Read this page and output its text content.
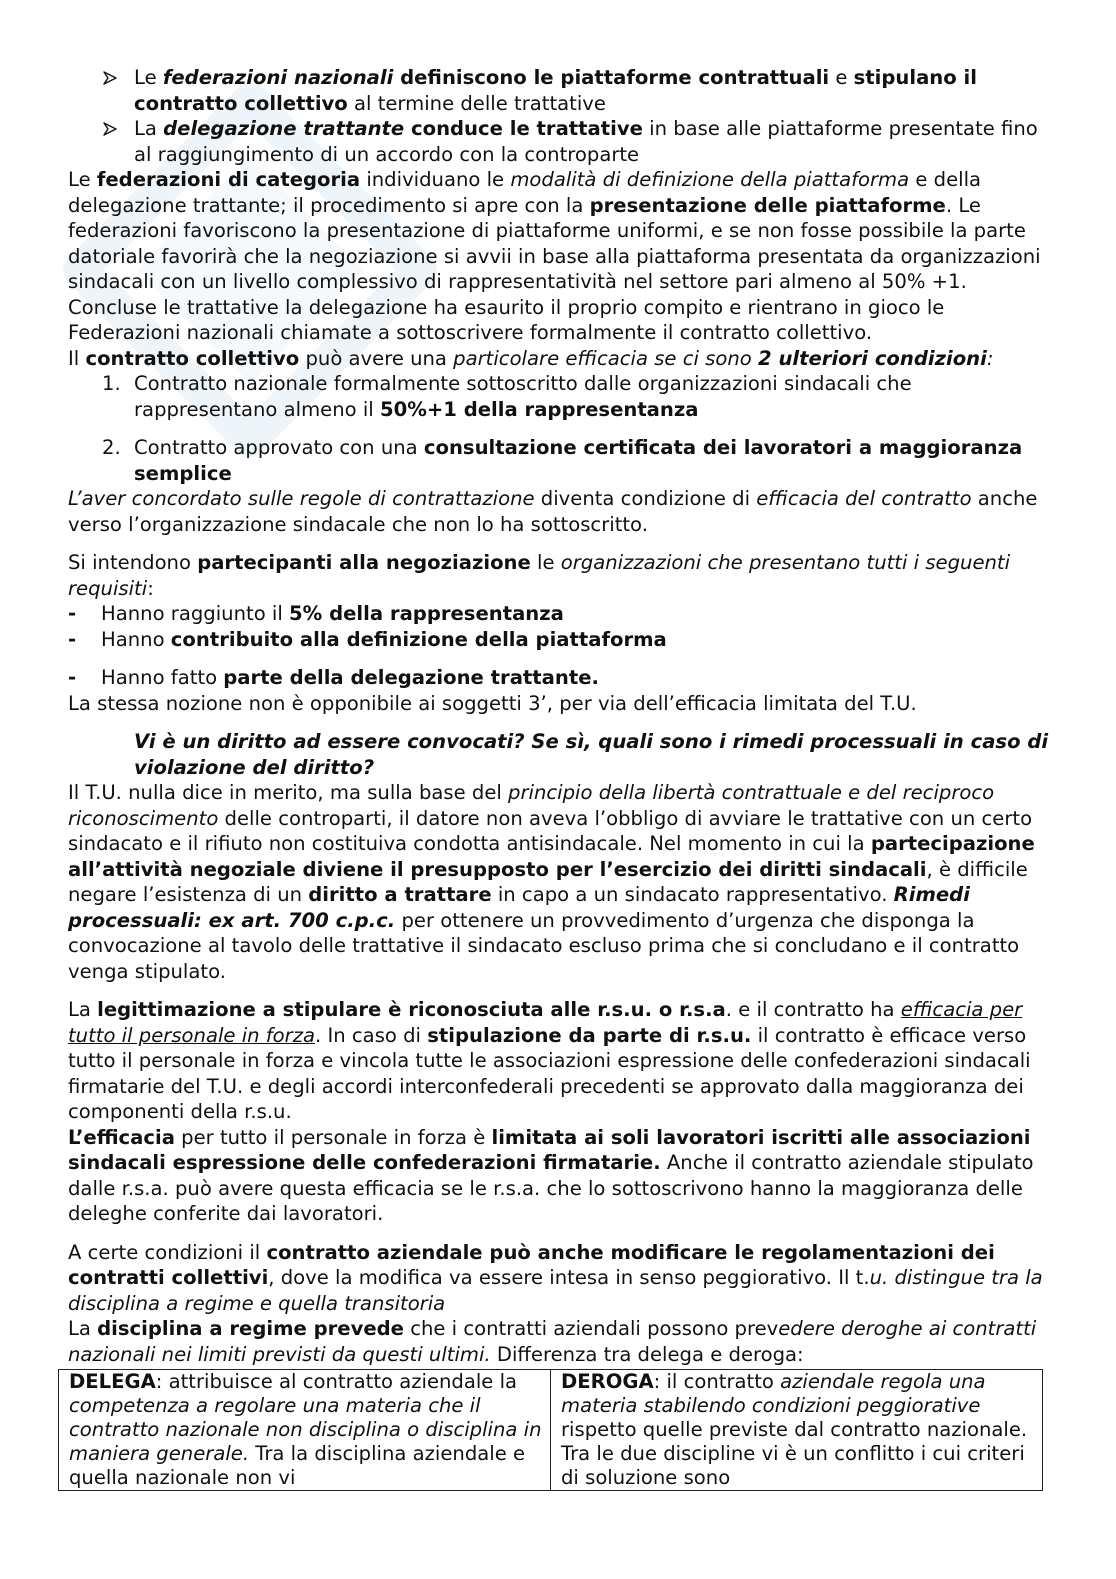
Le federazioni nazionali definiscono le piattaforme contrattuali e stipulano il contratto collettivo al termine delle trattative
La delegazione trattante conduce le trattative in base alle piattaforme presentate fino al raggiungimento di un accordo con la controparte

Le federazioni di categoria individuano le modalità di definizione della piattaforma e della delegazione trattante; il procedimento si apre con la presentazione delle piattaforme. Le federazioni favoriscono la presentazione di piattaforme uniformi, e se non fosse possibile la parte datoriale favorirà che la negoziazione si avvii in base alla piattaforma presentata da organizzazioni sindacali con un livello complessivo di rappresentatività nel settore pari almeno al 50% +1. Concluse le trattative la delegazione ha esaurito il proprio compito e rientrano in gioco le Federazioni nazionali chiamate a sottoscrivere formalmente il contratto collettivo.

Il contratto collettivo può avere una particolare efficacia se ci sono 2 ulteriori condizioni:

1. Contratto nazionale formalmente sottoscritto dalle organizzazioni sindacali che rappresentano almeno il 50%+1 della rappresentanza
2. Contratto approvato con una consultazione certificata dei lavoratori a maggioranza semplice

L’aver concordato sulle regole di contrattazione diventa condizione di efficacia del contratto anche verso l’organizzazione sindacale che non lo ha sottoscritto.

Si intendono partecipanti alla negoziazione le organizzazioni che presentano tutti i seguenti requisiti:

- Hanno raggiunto il 5% della rappresentanza
- Hanno contribuito alla definizione della piattaforma
- Hanno fatto parte della delegazione trattante.

La stessa nozione non è opponibile ai soggetti 3’, per via dell’efficacia limitata del T.U.

Vi è un diritto ad essere convocati? Se sì, quali sono i rimedi processuali in caso di violazione del diritto?

Il T.U. nulla dice in merito, ma sulla base del principio della libertà contrattuale e del reciproco riconoscimento delle controparti, il datore non aveva l’obbligo di avviare le trattative con un certo sindacato e il rifiuto non costituiva condotta antisindacale. Nel momento in cui la partecipazione all’attività negoziale diviene il presupposto per l’esercizio dei diritti sindacali, è difficile negare l’esistenza di un diritto a trattare in capo a un sindacato rappresentativo. Rimedi processuali: ex art. 700 c.p.c. per ottenere un provvedimento d’urgenza che disponga la convocazione al tavolo delle trattative il sindacato escluso prima che si concludano e il contratto venga stipulato.

La legittimazione a stipulare è riconosciuta alle r.s.u. o r.s.a. e il contratto ha efficacia per tutto il personale in forza. In caso di stipulazione da parte di r.s.u. il contratto è efficace verso tutto il personale in forza e vincola tutte le associazioni espressione delle confederazioni sindacali firmatarie del T.U. e degli accordi interconfederali precedenti se approvato dalla maggioranza dei componenti della r.s.u.

L’efficacia per tutto il personale in forza è limitata ai soli lavoratori iscritti alle associazioni sindacali espressione delle confederazioni firmatarie. Anche il contratto aziendale stipulato dalle r.s.a. può avere questa efficacia se le r.s.a. che lo sottoscrivono hanno la maggioranza delle deleghe conferite dai lavoratori.

A certe condizioni il contratto aziendale può anche modificare le regolamentazioni dei contratti collettivi, dove la modifica va essere intesa in senso peggiorativo. Il t.u. distingue tra la disciplina a regime e quella transitoria

La disciplina a regime prevede che i contratti aziendali possono prevedere deroghe ai contratti nazionali nei limiti previsti da questi ultimi. Differenza tra delega e deroga:

DELEGA: attribuisce al contratto aziendale la competenza a regolare una materia che il contratto nazionale non disciplina o disciplina in maniera generale. Tra la disciplina aziendale e quella nazionale non vi	DEROGA: il contratto aziendale regola una materia stabilendo condizioni peggiorative rispetto quelle previste dal contratto nazionale. Tra le due discipline vi è un conflitto i cui criteri di soluzione sono
